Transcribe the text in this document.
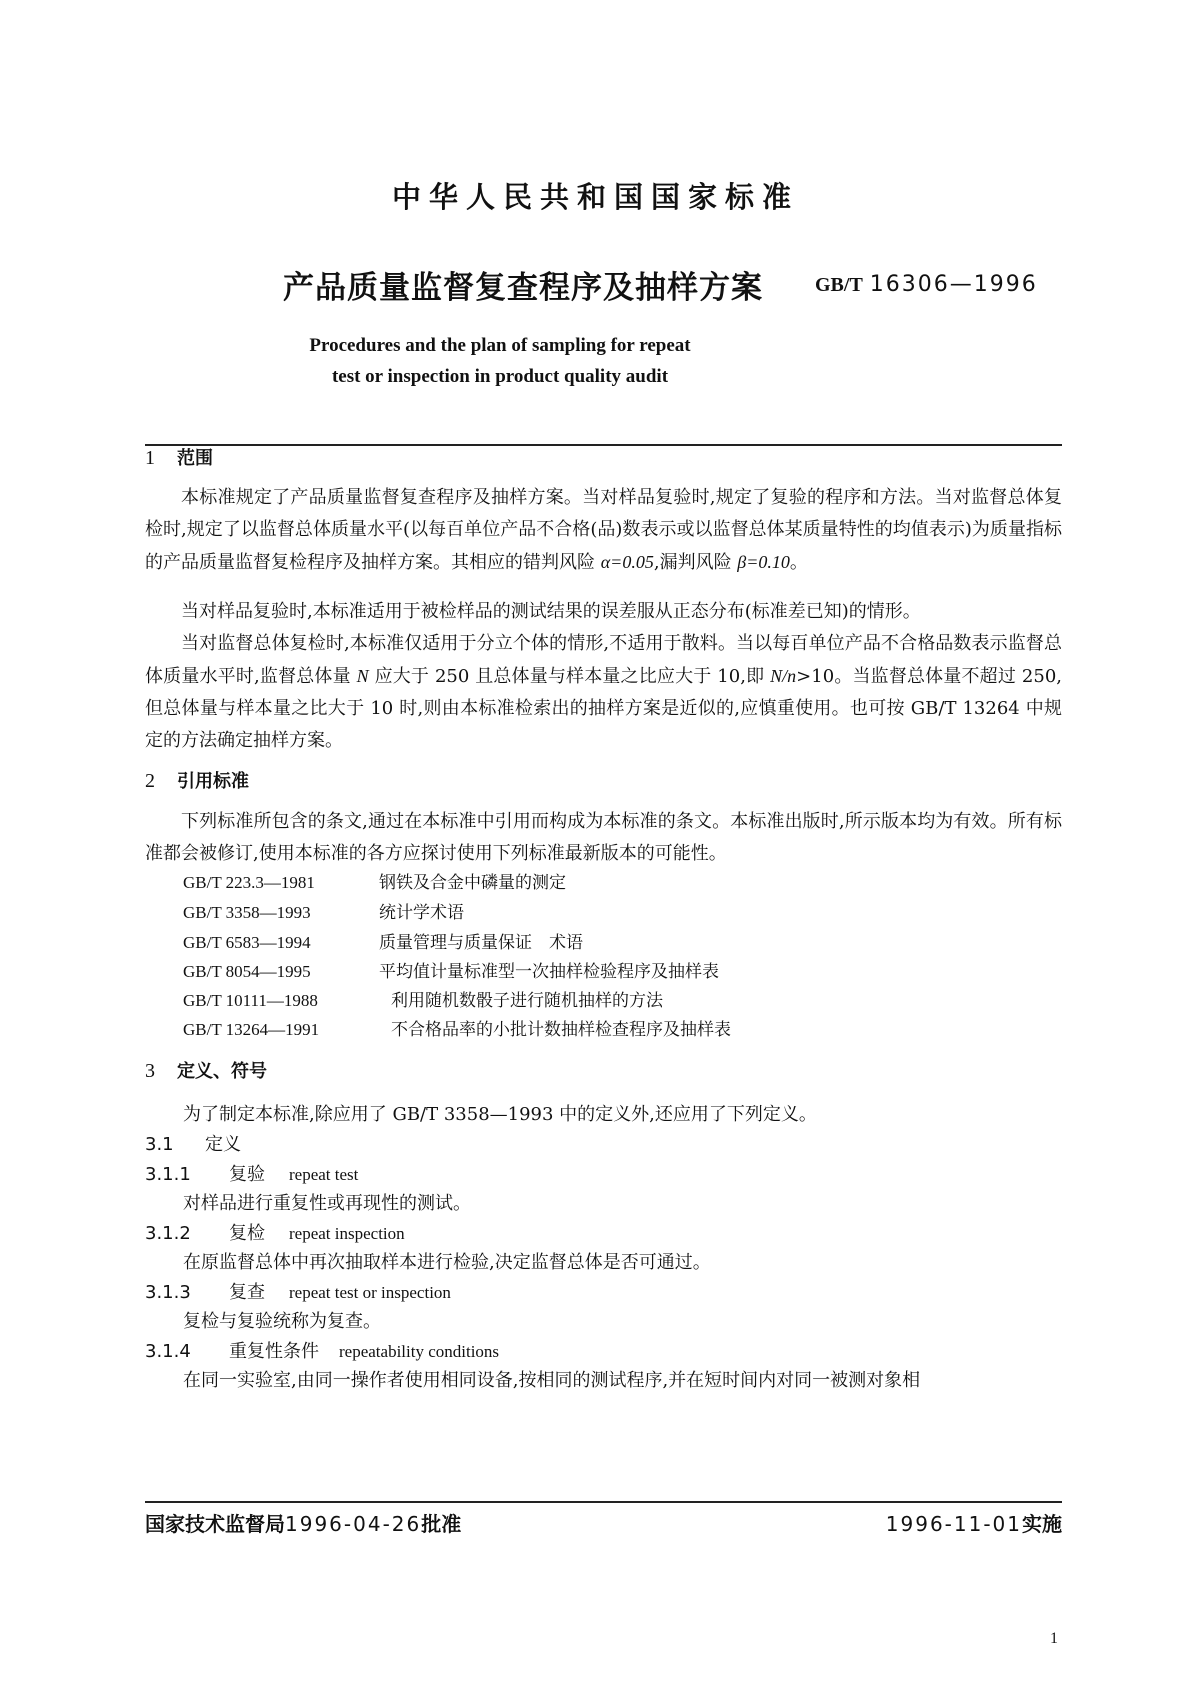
中华人民共和国国家标准
产品质量监督复查程序及抽样方案	GB/T 16306—1996
Procedures and the plan of sampling for repeat
test or inspection in product quality audit
1 范围
本标准规定了产品质量监督复查程序及抽样方案。当对样品复验时,规定了复验的程序和方法。当对监督总体复检时,规定了以监督总体质量水平(以每百单位产品不合格(品)数表示或以监督总体某质量特性的均值表示)为质量指标的产品质量监督复检程序及抽样方案。其相应的错判风险 α=0.05,漏判风险 β=0.10。
当对样品复验时,本标准适用于被检样品的测试结果的误差服从正态分布(标准差已知)的情形。
当对监督总体复检时,本标准仅适用于分立个体的情形,不适用于散料。当以每百单位产品不合格品数表示监督总体质量水平时,监督总体量 N 应大于 250 且总体量与样本量之比应大于 10,即 N/n>10。当监督总体量不超过 250,但总体量与样本量之比大于 10 时,则由本标准检索出的抽样方案是近似的,应慎重使用。也可按 GB/T 13264 中规定的方法确定抽样方案。
2 引用标准
下列标准所包含的条文,通过在本标准中引用而构成为本标准的条文。本标准出版时,所示版本均为有效。所有标准都会被修订,使用本标准的各方应探讨使用下列标准最新版本的可能性。
GB/T 223.3—1981	钢铁及合金中磷量的测定
GB/T 3358—1993	统计学术语
GB/T 6583—1994	质量管理与质量保证　术语
GB/T 8054—1995	平均值计量标准型一次抽样检验程序及抽样表
GB/T 10111—1988	利用随机数骰子进行随机抽样的方法
GB/T 13264—1991	不合格品率的小批计数抽样检查程序及抽样表
3 定义、符号
为了制定本标准,除应用了 GB/T 3358—1993 中的定义外,还应用了下列定义。
3.1 定义
3.1.1 复验 repeat test
对样品进行重复性或再现性的测试。
3.1.2 复检 repeat inspection
在原监督总体中再次抽取样本进行检验,决定监督总体是否可通过。
3.1.3 复查 repeat test or inspection
复检与复验统称为复查。
3.1.4 重复性条件 repeatability conditions
在同一实验室,由同一操作者使用相同设备,按相同的测试程序,并在短时间内对同一被测对象相
国家技术监督局1996-04-26批准	1996-11-01实施
1
